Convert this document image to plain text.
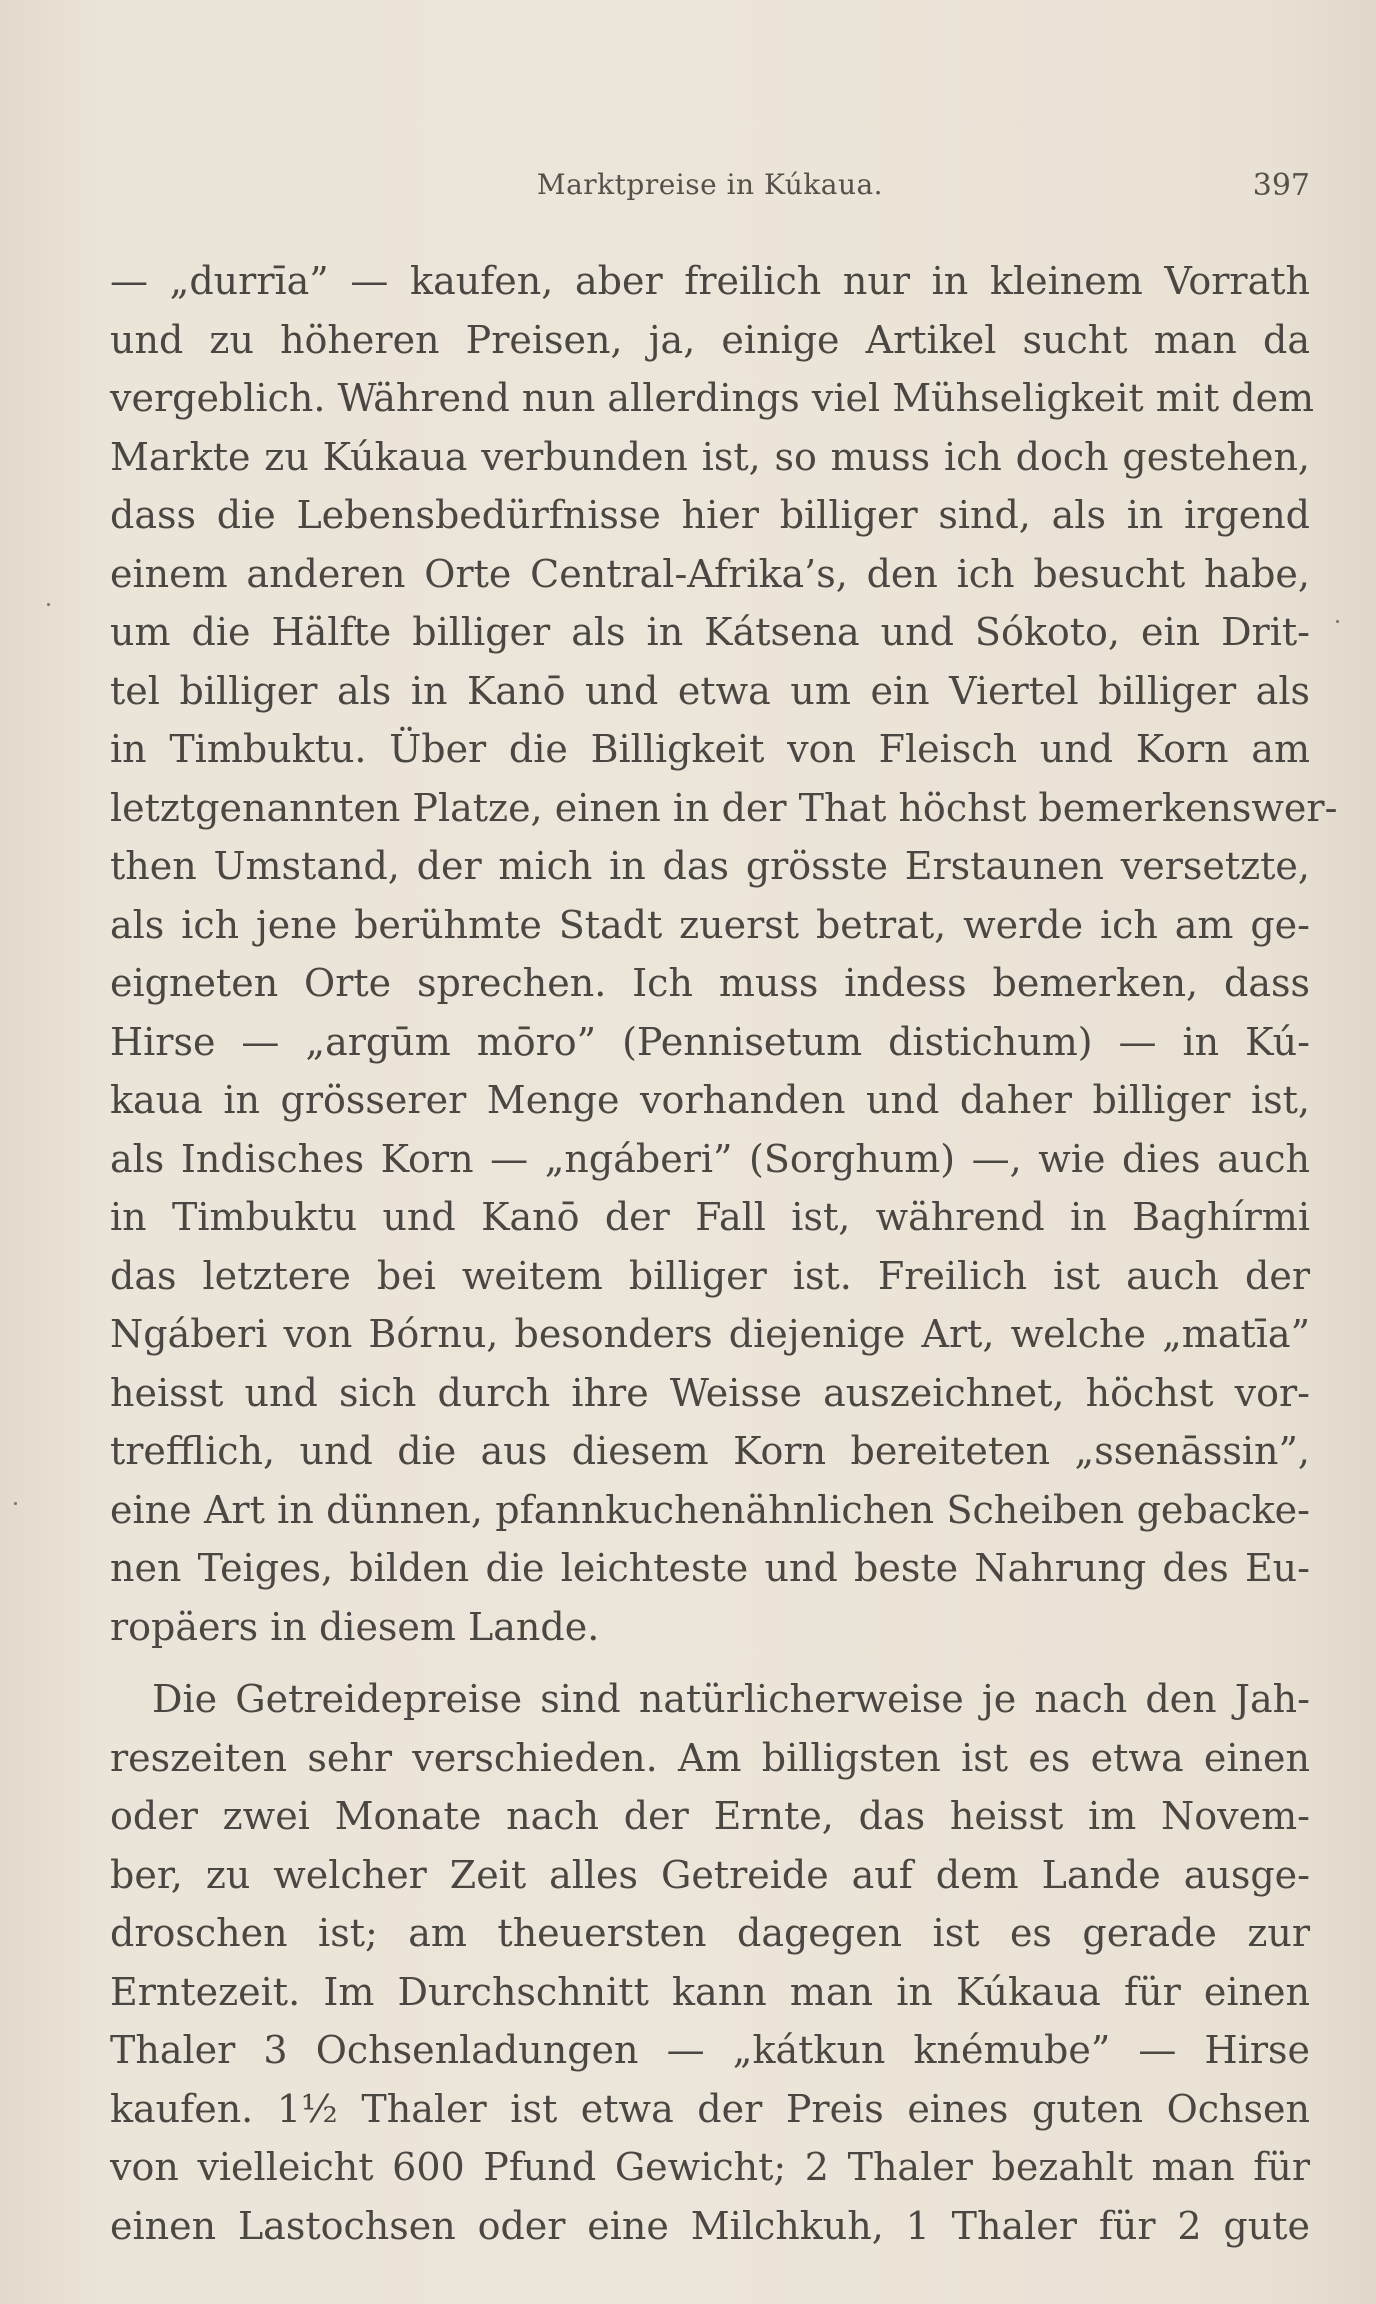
Marktpreise in Kúkaua.	397
— „durrīa” — kaufen, aber freilich nur in kleinem Vorrath
und zu höheren Preisen, ja, einige Artikel sucht man da
vergeblich. Während nun allerdings viel Mühseligkeit mit dem
Markte zu Kúkaua verbunden ist, so muss ich doch gestehen,
dass die Lebensbedürfnisse hier billiger sind, als in irgend
einem anderen Orte Central-Afrika’s, den ich besucht habe,
um die Hälfte billiger als in Kátsena und Sókoto, ein Drit-
tel billiger als in Kanō und etwa um ein Viertel billiger als
in Timbuktu. Über die Billigkeit von Fleisch und Korn am
letztgenannten Platze, einen in der That höchst bemerkenswer-
then Umstand, der mich in das grösste Erstaunen versetzte,
als ich jene berühmte Stadt zuerst betrat, werde ich am ge-
eigneten Orte sprechen. Ich muss indess bemerken, dass
Hirse — „argūm mōro” (Pennisetum distichum) — in Kú-
kaua in grösserer Menge vorhanden und daher billiger ist,
als Indisches Korn — „ngáberi” (Sorghum) —, wie dies auch
in Timbuktu und Kanō der Fall ist, während in Baghírmi
das letztere bei weitem billiger ist. Freilich ist auch der
Ngáberi von Bórnu, besonders diejenige Art, welche „matīa”
heisst und sich durch ihre Weisse auszeichnet, höchst vor-
trefflich, und die aus diesem Korn bereiteten „ssenāssin”,
eine Art in dünnen, pfannkuchenähnlichen Scheiben gebacke-
nen Teiges, bilden die leichteste und beste Nahrung des Eu-
ropäers in diesem Lande.
Die Getreidepreise sind natürlicherweise je nach den Jah-
reszeiten sehr verschieden. Am billigsten ist es etwa einen
oder zwei Monate nach der Ernte, das heisst im Novem-
ber, zu welcher Zeit alles Getreide auf dem Lande ausge-
droschen ist; am theuersten dagegen ist es gerade zur
Erntezeit. Im Durchschnitt kann man in Kúkaua für einen
Thaler 3 Ochsenladungen — „kátkun knémube” — Hirse
kaufen. 1½ Thaler ist etwa der Preis eines guten Ochsen
von vielleicht 600 Pfund Gewicht; 2 Thaler bezahlt man für
einen Lastochsen oder eine Milchkuh, 1 Thaler für 2 gute
